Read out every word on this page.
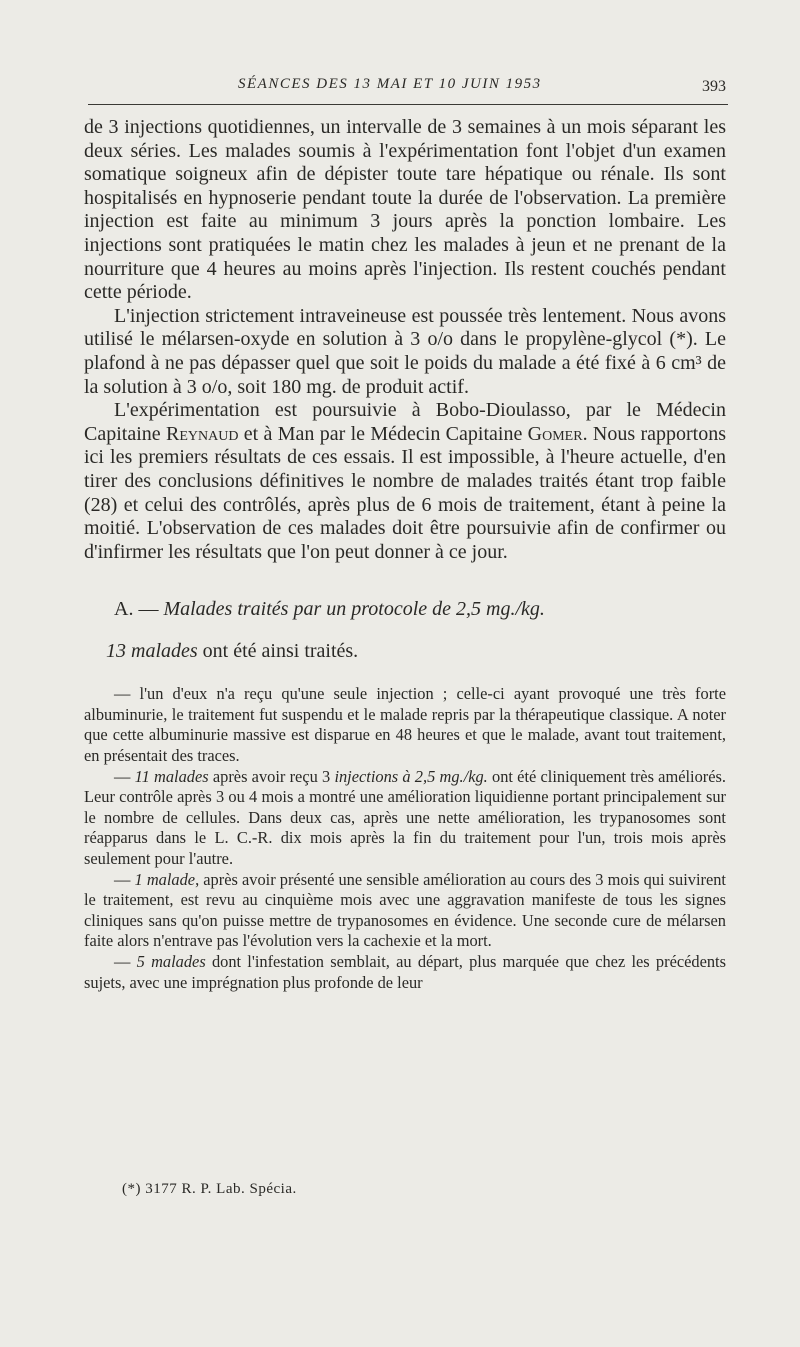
SÉANCES DES 13 MAI ET 10 JUIN 1953	393

de 3 injections quotidiennes, un intervalle de 3 semaines à un mois séparant les deux séries. Les malades soumis à l'expérimentation font l'objet d'un examen somatique soigneux afin de dépister toute tare hépatique ou rénale. Ils sont hospitalisés en hypnoserie pendant toute la durée de l'observation. La première injection est faite au minimum 3 jours après la ponction lombaire. Les injections sont pratiquées le matin chez les malades à jeun et ne prenant de la nourriture que 4 heures au moins après l'injection. Ils restent couchés pendant cette période.

L'injection strictement intraveineuse est poussée très lentement. Nous avons utilisé le mélarsen-oxyde en solution à 3 o/o dans le propylène-glycol (*). Le plafond à ne pas dépasser quel que soit le poids du malade a été fixé à 6 cm³ de la solution à 3 o/o, soit 180 mg. de produit actif.

L'expérimentation est poursuivie à Bobo-Dioulasso, par le Médecin Capitaine Reynaud et à Man par le Médecin Capitaine Gomer. Nous rapportons ici les premiers résultats de ces essais. Il est impossible, à l'heure actuelle, d'en tirer des conclusions définitives le nombre de malades traités étant trop faible (28) et celui des contrôlés, après plus de 6 mois de traitement, étant à peine la moitié. L'observation de ces malades doit être poursuivie afin de confirmer ou d'infirmer les résultats que l'on peut donner à ce jour.

A. — Malades traités par un protocole de 2,5 mg./kg.

13 malades ont été ainsi traités.

— l'un d'eux n'a reçu qu'une seule injection ; celle-ci ayant provoqué une très forte albuminurie, le traitement fut suspendu et le malade repris par la thérapeutique classique. A noter que cette albuminurie massive est disparue en 48 heures et que le malade, avant tout traitement, en présentait des traces.

— 11 malades après avoir reçu 3 injections à 2,5 mg./kg. ont été cliniquement très améliorés. Leur contrôle après 3 ou 4 mois a montré une amélioration liquidienne portant principalement sur le nombre de cellules. Dans deux cas, après une nette amélioration, les trypanosomes sont réapparus dans le L. C.-R. dix mois après la fin du traitement pour l'un, trois mois après seulement pour l'autre.

— 1 malade, après avoir présenté une sensible amélioration au cours des 3 mois qui suivirent le traitement, est revu au cinquième mois avec une aggravation manifeste de tous les signes cliniques sans qu'on puisse mettre de trypanosomes en évidence. Une seconde cure de mélarsen faite alors n'entrave pas l'évolution vers la cachexie et la mort.

— 5 malades dont l'infestation semblait, au départ, plus marquée que chez les précédents sujets, avec une imprégnation plus profonde de leur

(*) 3177 R. P. Lab. Spécia.
